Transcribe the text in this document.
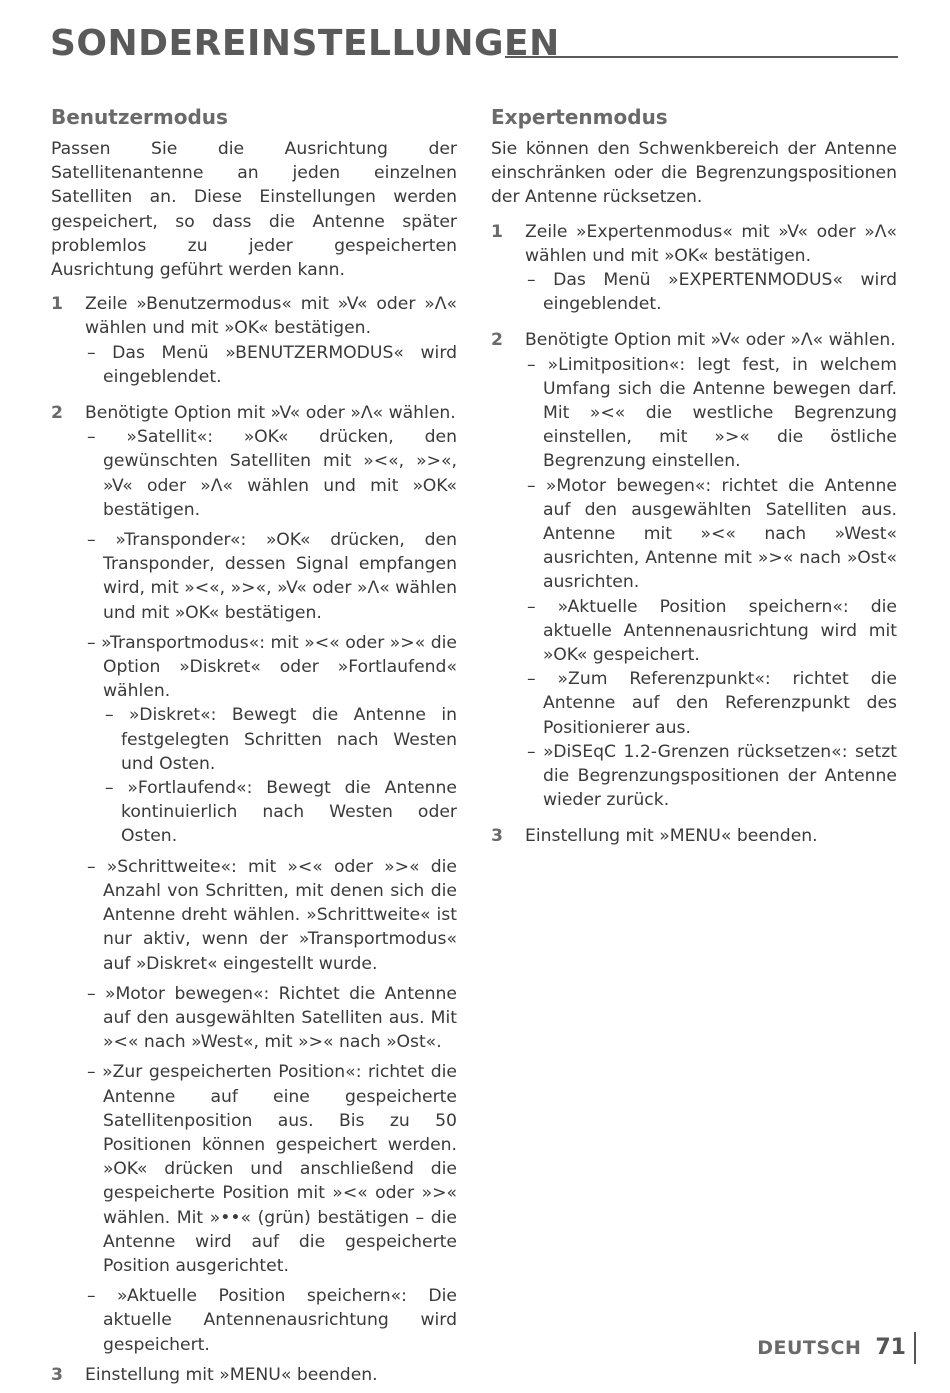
SONDEREINSTELLUNGEN
Benutzermodus

Passen Sie die Ausrichtung der Satellitenantenne an jeden einzelnen Satelliten an. Diese Einstellungen werden gespeichert, so dass die Antenne später problemlos zu jeder gespeicherten Ausrichtung geführt werden kann.

1 Zeile »Benutzermodus« mit »V« oder »Λ« wählen und mit »OK« bestätigen.
– Das Menü »BENUTZERMODUS« wird eingeblendet.
2 Benötigte Option mit »V« oder »Λ« wählen.
– »Satellit«: »OK« drücken, den gewünschten Satelliten mit »<«, »>«, »V« oder »Λ« wählen und mit »OK« bestätigen.
– »Transponder«: »OK« drücken, den Transponder, dessen Signal empfangen wird, mit »<«, »>«, »V« oder »Λ« wählen und mit »OK« bestätigen.
– »Transportmodus«: mit »<« oder »>« die Option »Diskret« oder »Fortlaufend« wählen.
– »Diskret«: Bewegt die Antenne in festgelegten Schritten nach Westen und Osten.
– »Fortlaufend«: Bewegt die Antenne kontinuierlich nach Westen oder Osten.
– »Schrittweite«: mit »<« oder »>« die Anzahl von Schritten, mit denen sich die Antenne dreht wählen. »Schrittweite« ist nur aktiv, wenn der »Transportmodus« auf »Diskret« eingestellt wurde.
– »Motor bewegen«: Richtet die Antenne auf den ausgewählten Satelliten aus. Mit »<« nach »West«, mit »>« nach »Ost«.
– »Zur gespeicherten Position«: richtet die Antenne auf eine gespeicherte Satellitenposition aus. Bis zu 50 Positionen können gespeichert werden. »OK« drücken und anschließend die gespeicherte Position mit »<« oder »>« wählen. Mit »••« (grün) bestätigen – die Antenne wird auf die gespeicherte Position ausgerichtet.
– »Aktuelle Position speichern«: Die aktuelle Antennenausrichtung wird gespeichert.
3 Einstellung mit »MENU« beenden.
Expertenmodus

Sie können den Schwenkbereich der Antenne einschränken oder die Begrenzungspositionen der Antenne rücksetzen.

1 Zeile »Expertenmodus« mit »V« oder »Λ« wählen und mit »OK« bestätigen.
– Das Menü »EXPERTENMODUS« wird eingeblendet.
2 Benötigte Option mit »V« oder »Λ« wählen.
– »Limitposition«: legt fest, in welchem Umfang sich die Antenne bewegen darf. Mit »<« die westliche Begrenzung einstellen, mit »>« die östliche Begrenzung einstellen.
– »Motor bewegen«: richtet die Antenne auf den ausgewählten Satelliten aus. Antenne mit »<« nach »West« ausrichten, Antenne mit »>« nach »Ost« ausrichten.
– »Aktuelle Position speichern«: die aktuelle Antennenausrichtung wird mit »OK« gespeichert.
– »Zum Referenzpunkt«: richtet die Antenne auf den Referenzpunkt des Positionierer aus.
– »DiSEqC 1.2-Grenzen rücksetzen«: setzt die Begrenzungspositionen der Antenne wieder zurück.
3 Einstellung mit »MENU« beenden.
DEUTSCH 71
